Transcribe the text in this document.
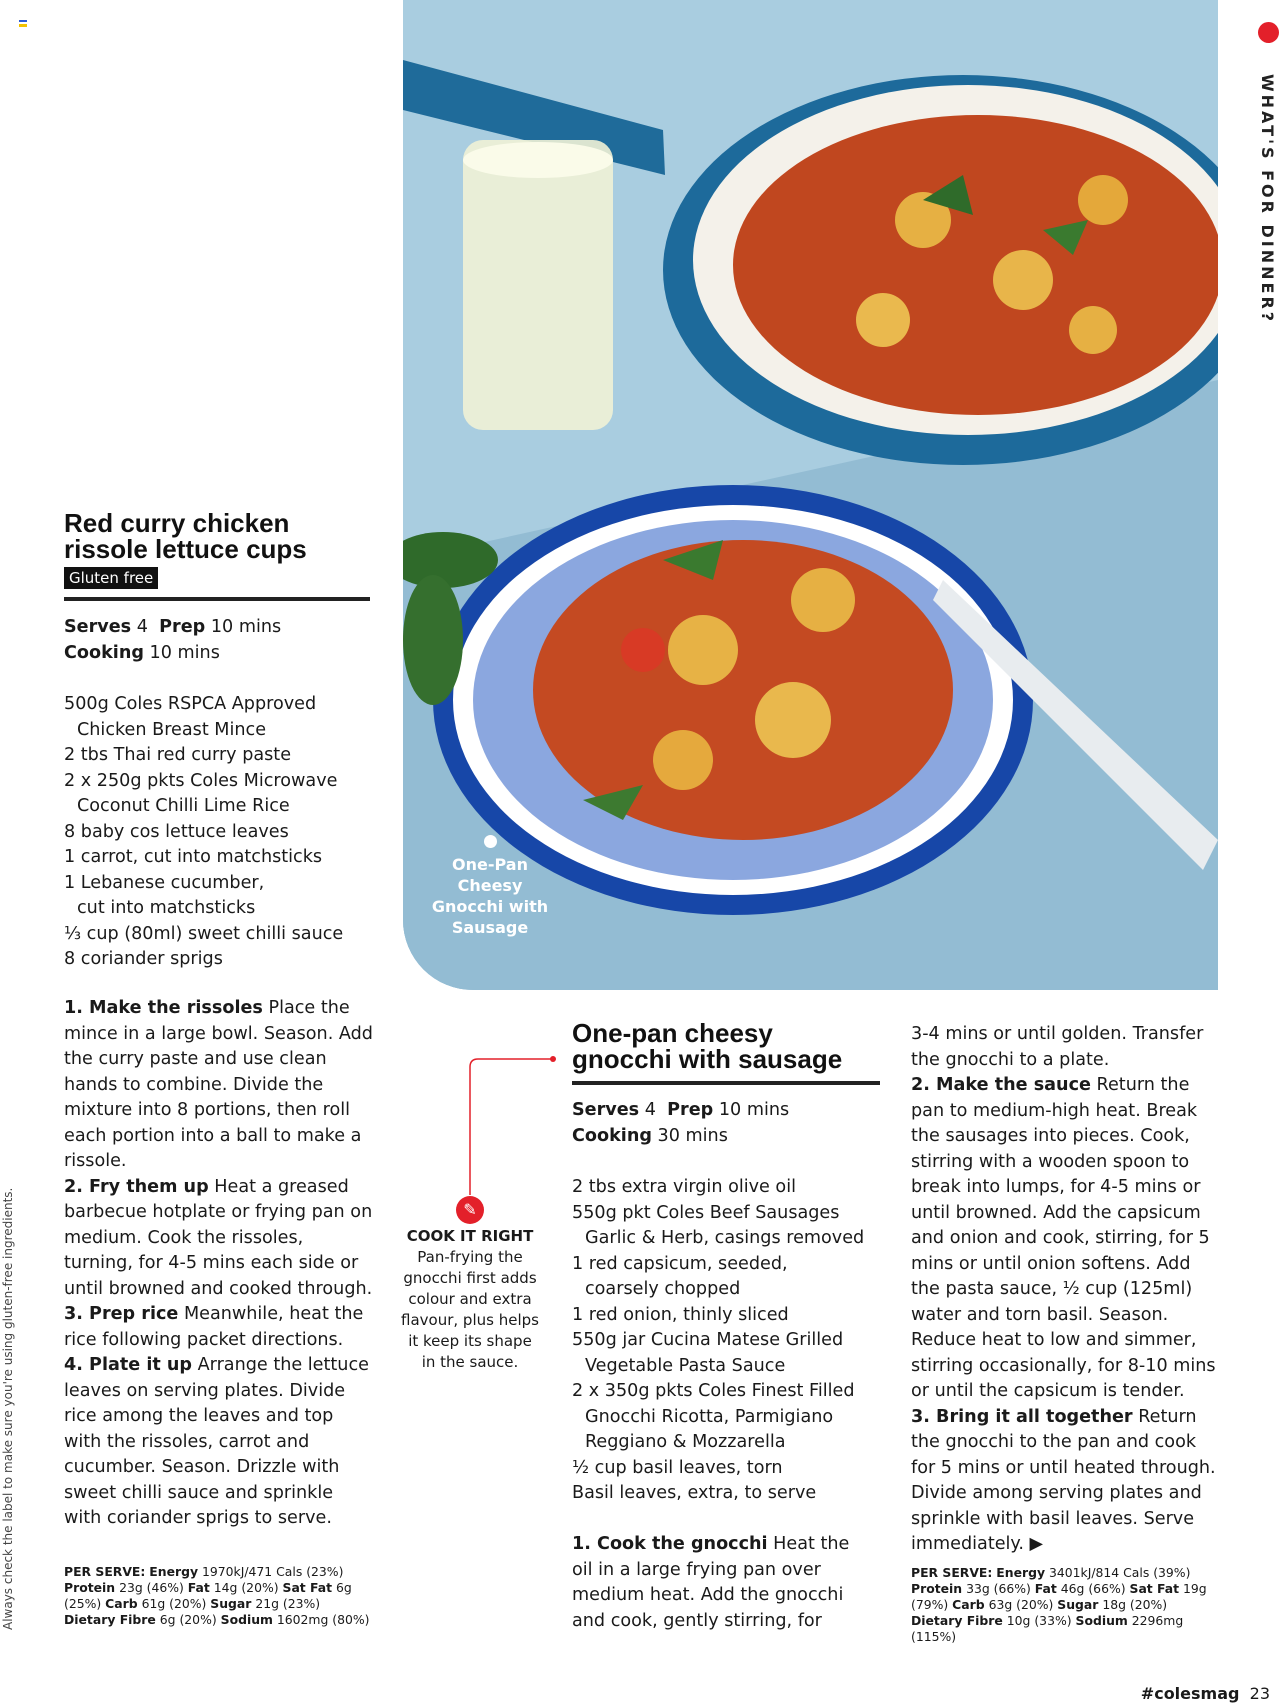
Always check the label to make sure you're using gluten-free ingredients.
One-Pan Cheesy Gnocchi with Sausage
WHAT'S FOR DINNER?
Red curry chicken
rissole lettuce cups
Gluten free

Serves 4 Prep 10 mins

Cooking 10 mins

500g Coles RSPCA Approved

Chicken Breast Mince

2 tbs Thai red curry paste

2 x 250g pkts Coles Microwave

Coconut Chilli Lime Rice

8 baby cos lettuce leaves

1 carrot, cut into matchsticks

1 Lebanese cucumber,

cut into matchsticks

⅓ cup (80ml) sweet chilli sauce

8 coriander sprigs

1. Make the rissoles Place the mince in a large bowl. Season. Add the curry paste and use clean hands to combine. Divide the mixture into 8 portions, then roll each portion into a ball to make a rissole.

2. Fry them up Heat a greased barbecue hotplate or frying pan on medium. Cook the rissoles, turning, for 4-5 mins each side or until browned and cooked through.

3. Prep rice Meanwhile, heat the rice following packet directions.

4. Plate it up Arrange the lettuce leaves on serving plates. Divide rice among the leaves and top with the rissoles, carrot and cucumber. Season. Drizzle with sweet chilli sauce and sprinkle with coriander sprigs to serve.

PER SERVE: Energy 1970kJ/471 Cals (23%) Protein 23g (46%) Fat 14g (20%) Sat Fat 6g (25%) Carb 61g (20%) Sugar 21g (23%) Dietary Fibre 6g (20%) Sodium 1602mg (80%)
✎
COOK IT RIGHT
Pan-frying the gnocchi first adds colour and extra flavour, plus helps it keep its shape in the sauce.
One-pan cheesy
gnocchi with sausage

Serves 4 Prep 10 mins

Cooking 30 mins

2 tbs extra virgin olive oil

550g pkt Coles Beef Sausages

Garlic & Herb, casings removed

1 red capsicum, seeded,

coarsely chopped

1 red onion, thinly sliced

550g jar Cucina Matese Grilled

Vegetable Pasta Sauce

2 x 350g pkts Coles Finest Filled

Gnocchi Ricotta, Parmigiano

Reggiano & Mozzarella

½ cup basil leaves, torn

Basil leaves, extra, to serve

1. Cook the gnocchi Heat the oil in a large frying pan over medium heat. Add the gnocchi and cook, gently stirring, for

3-4 mins or until golden. Transfer the gnocchi to a plate.

2. Make the sauce Return the pan to medium-high heat. Break the sausages into pieces. Cook, stirring with a wooden spoon to break into lumps, for 4-5 mins or until browned. Add the capsicum and onion and cook, stirring, for 5 mins or until onion softens. Add the pasta sauce, ½ cup (125ml) water and torn basil. Season. Reduce heat to low and simmer, stirring occasionally, for 8-10 mins or until the capsicum is tender.

3. Bring it all together Return the gnocchi to the pan and cook for 5 mins or until heated through. Divide among serving plates and sprinkle with basil leaves. Serve immediately. ▶

PER SERVE: Energy 3401kJ/814 Cals (39%) Protein 33g (66%) Fat 46g (66%) Sat Fat 19g (79%) Carb 63g (20%) Sugar 18g (20%) Dietary Fibre 10g (33%) Sodium 2296mg (115%)
#colesmag 23
